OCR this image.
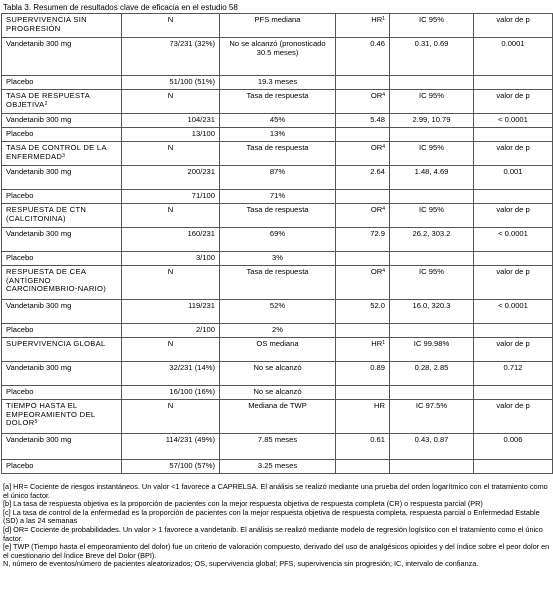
Tabla 3. Resumen de resultados clave de eficacia en el estudio 58
SUPERVIVENCIA SIN PROGRESIÓN	N	PFS mediana	$HR^1$	IC 95%	valor de p
Vandetanib 300 mg	73/231 (32%)	No se alcanzó (pronosticado 30.5 meses)	0.46	0.31, 0.69	0.0001
Placebo	51/100 (51%)	19.3 meses			
TASA DE RESPUESTA OBJETIVA$^2$	N	Tasa de respuesta	$OR^4$	IC 95%	valor de p
Vandetanib 300 mg	104/231	45%	5.48	2.99, 10.79	< 0.0001
Placebo	13/100	13%			
TASA DE CONTROL DE LA ENFERMEDAD$^3$	N	Tasa de respuesta	$OR^4$	IC 95%	valor de p
Vandetanib 300 mg	200/231	87%	2.64	1.48, 4.69	0.001
Placebo	71/100	71%			
RESPUESTA DE CTN (CALCITONINA)	N	Tasa de respuesta	$OR^4$	IC 95%	valor de p
Vandetanib 300 mg	160/231	69%	72.9	26.2, 303.2	< 0.0001
Placebo	3/100	3%			
RESPUESTA DE CEA (ANTÍGENO CARCINOEMBRIO-NARIO)	N	Tasa de respuesta	$OR^4$	IC 95%	valor de p
Vandetanib 300 mg	119/231	52%	52.0	16.0, 320.3	< 0.0001
Placebo	2/100	2%			
SUPERVIVENCIA GLOBAL	N	OS mediana	$HR^1$	IC 99.98%	valor de p
Vandetanib 300 mg	32/231 (14%)	No se alcanzó	0.89	0.28, 2.85	0.712
Placebo	16/100 (16%)	No se alcanzó			
TIEMPO HASTA EL EMPEORAMIENTO DEL DOLOR$^5$	N	Mediana de TWP	HR	IC 97.5%	valor de p
Vandetanib 300 mg	114/231 (49%)	7.85 meses	0.61	0.43, 0.87	0.006
Placebo	57/100 (57%)	3.25 meses			

[a] HR= Cociente de riesgos instantáneos. Un valor <1 favorece a CAPRELSA. El análisis se realizó mediante una prueba del orden logarítmico con el tratamiento como el único factor.

[b] La tasa de respuesta objetiva es la proporción de pacientes con la mejor respuesta objetiva de respuesta completa (CR) o respuesta parcial (PR)

[c] La tasa de control de la enfermedad es la proporción de pacientes con la mejor respuesta objetiva de respuesta completa, respuesta parcial o Enfermedad Estable (SD) a las 24 semanas

[d] OR= Cociente de probabilidades. Un valor > 1 favorece a vandetanib. El análisis se realizó mediante modelo de regresión logístico con el tratamiento como el único factor.

[e] TWP (Tiempo hasta el empeoramiento del dolor) fue un criterio de valoración compuesto, derivado del uso de analgésicos opioides y del índice sobre el peor dolor en el cuestionario del Índice Breve del Dolor (BPI).

N, número de eventos/número de pacientes aleatorizados; OS, supervivencia global; PFS, supervivencia sin progresión; IC, intervalo de confianza.
